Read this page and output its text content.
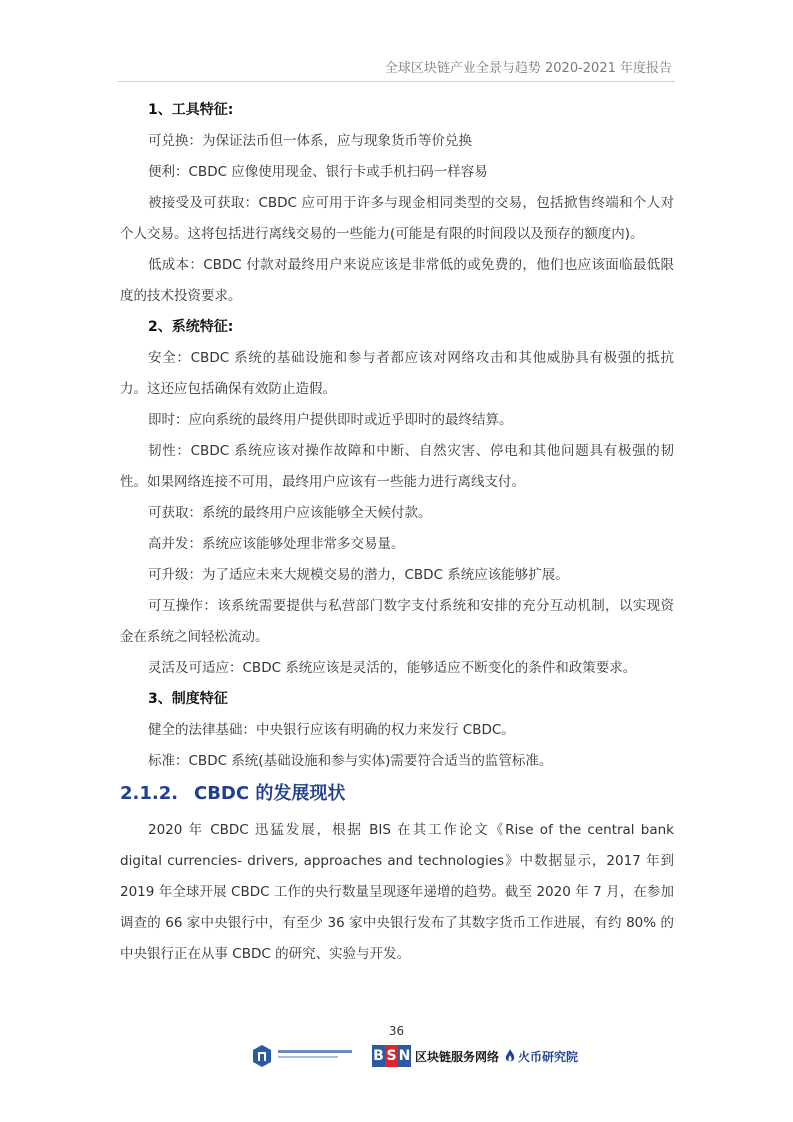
全球区块链产业全景与趋势 2020-2021 年度报告

1、工具特征:

可兑换：为保证法币但一体系，应与现象货币等价兑换

便利：CBDC 应像使用现金、银行卡或手机扫码一样容易

被接受及可获取：CBDC 应可用于许多与现金相同类型的交易，包括掀售终端和个人对个人交易。这将包括进行离线交易的一些能力(可能是有限的时间段以及预存的额度内)。

低成本：CBDC 付款对最终用户来说应该是非常低的或免费的，他们也应该面临最低限度的技术投资要求。

2、系统特征:

安全：CBDC 系统的基础设施和参与者都应该对网络攻击和其他威胁具有极强的抵抗力。这还应包括确保有效防止造假。

即时：应向系统的最终用户提供即时或近乎即时的最终结算。

韧性：CBDC 系统应该对操作故障和中断、自然灾害、停电和其他问题具有极强的韧性。如果网络连接不可用，最终用户应该有一些能力进行离线支付。

可获取：系统的最终用户应该能够全天候付款。

高并发：系统应该能够处理非常多交易量。

可升级：为了适应未来大规模交易的潜力，CBDC 系统应该能够扩展。

可互操作：该系统需要提供与私营部门数字支付系统和安排的充分互动机制，以实现资金在系统之间轻松流动。

灵活及可适应：CBDC 系统应该是灵活的，能够适应不断变化的条件和政策要求。

3、制度特征

健全的法律基础：中央银行应该有明确的权力来发行 CBDC。

标准：CBDC 系统(基础设施和参与实体)需要符合适当的监管标准。

2.1.2. CBDC 的发展现状

2020 年 CBDC 迅猛发展，根据 BIS 在其工作论文《Rise of the central bank digital currencies- drivers, approaches and technologies》中数据显示，2017 年到 2019 年全球开展 CBDC 工作的央行数量呈现逐年递增的趋势。截至 2020 年 7 月，在参加调查的 66 家中央银行中，有至少 36 家中央银行发布了其数字货币工作进展，有约 80% 的中央银行正在从事 CBDC 的研究、实验与开发。

36
B S N 区块链服务网络 火币研究院
